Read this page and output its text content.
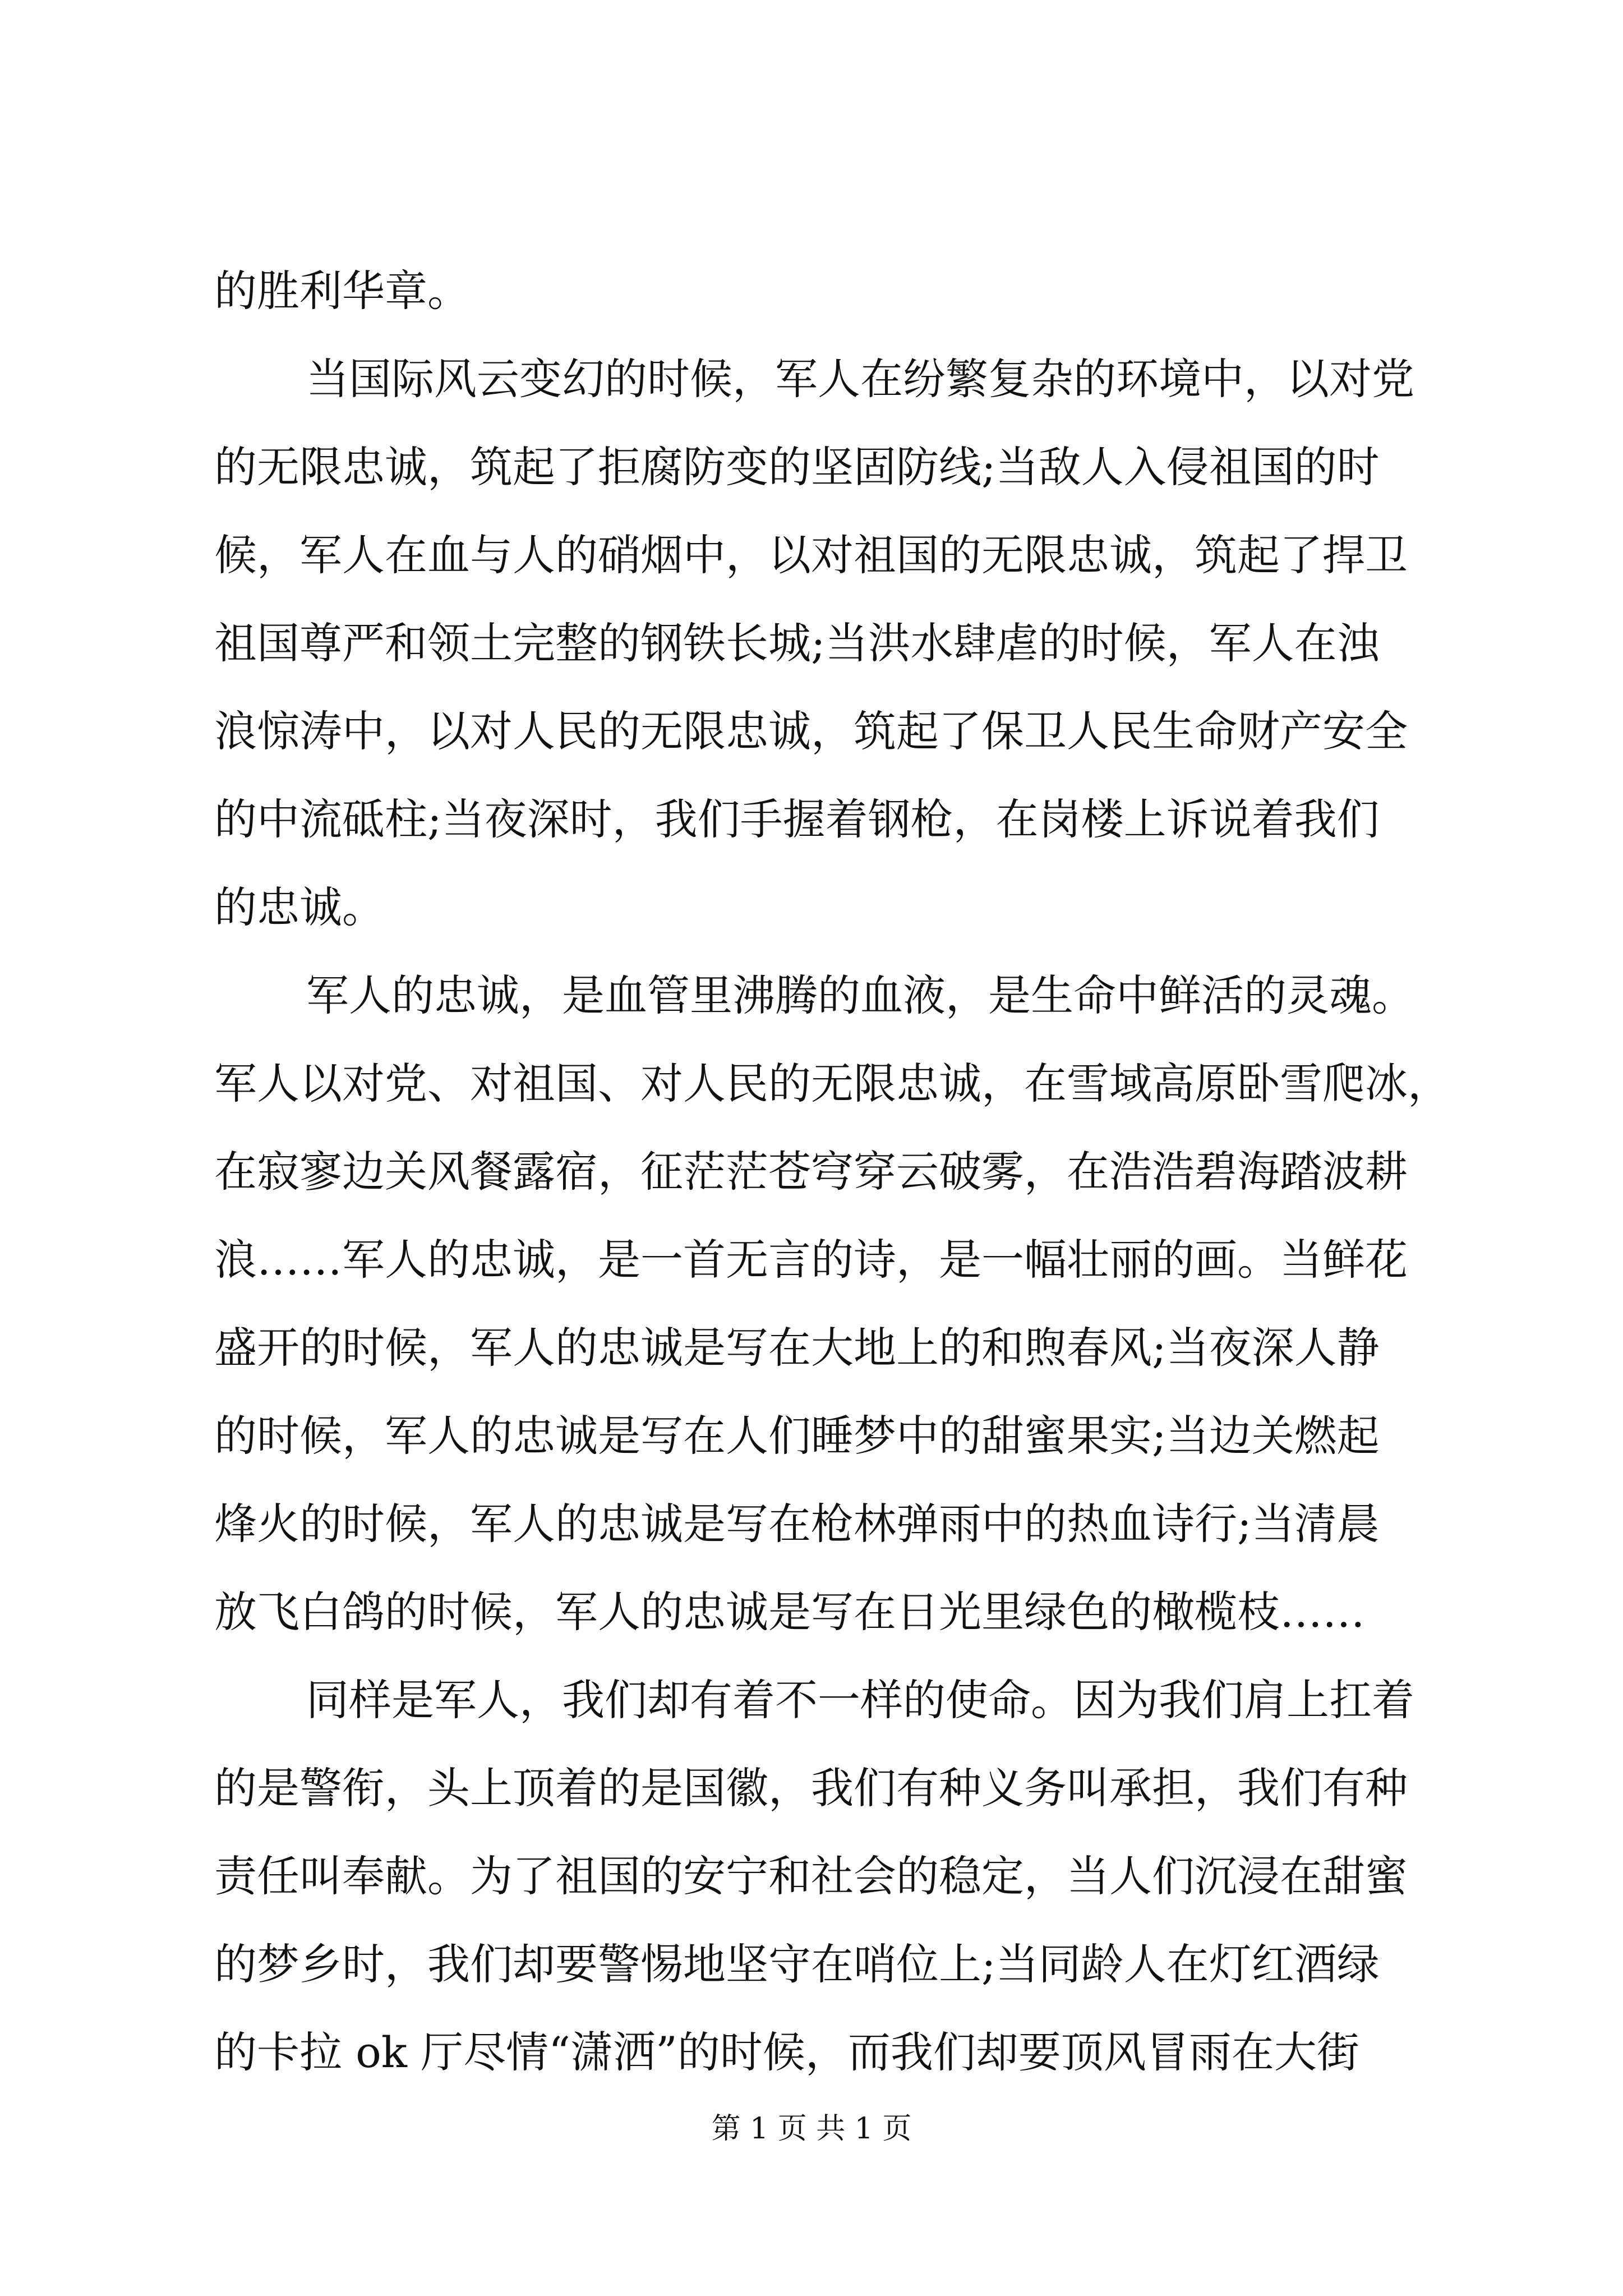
的胜利华章。
当国际风云变幻的时候，军人在纷繁复杂的环境中，以对党
的无限忠诚，筑起了拒腐防变的坚固防线;当敌人入侵祖国的时
候，军人在血与人的硝烟中，以对祖国的无限忠诚，筑起了捍卫
祖国尊严和领土完整的钢铁长城;当洪水肆虐的时候，军人在浊
浪惊涛中，以对人民的无限忠诚，筑起了保卫人民生命财产安全
的中流砥柱;当夜深时，我们手握着钢枪，在岗楼上诉说着我们
的忠诚。
军人的忠诚，是血管里沸腾的血液，是生命中鲜活的灵魂。
军人以对党、对祖国、对人民的无限忠诚，在雪域高原卧雪爬冰，
在寂寥边关风餐露宿，征茫茫苍穹穿云破雾，在浩浩碧海踏波耕
浪……军人的忠诚，是一首无言的诗，是一幅壮丽的画。当鲜花
盛开的时候，军人的忠诚是写在大地上的和煦春风;当夜深人静
的时候，军人的忠诚是写在人们睡梦中的甜蜜果实;当边关燃起
烽火的时候，军人的忠诚是写在枪林弹雨中的热血诗行;当清晨
放飞白鸽的时候，军人的忠诚是写在日光里绿色的橄榄枝……
同样是军人，我们却有着不一样的使命。因为我们肩上扛着
的是警衔，头上顶着的是国徽，我们有种义务叫承担，我们有种
责任叫奉献。为了祖国的安宁和社会的稳定，当人们沉浸在甜蜜
的梦乡时，我们却要警惕地坚守在哨位上;当同龄人在灯红酒绿
的卡拉 ok 厅尽情“潇洒”的时候，而我们却要顶风冒雨在大街
第 1 页 共 1 页
